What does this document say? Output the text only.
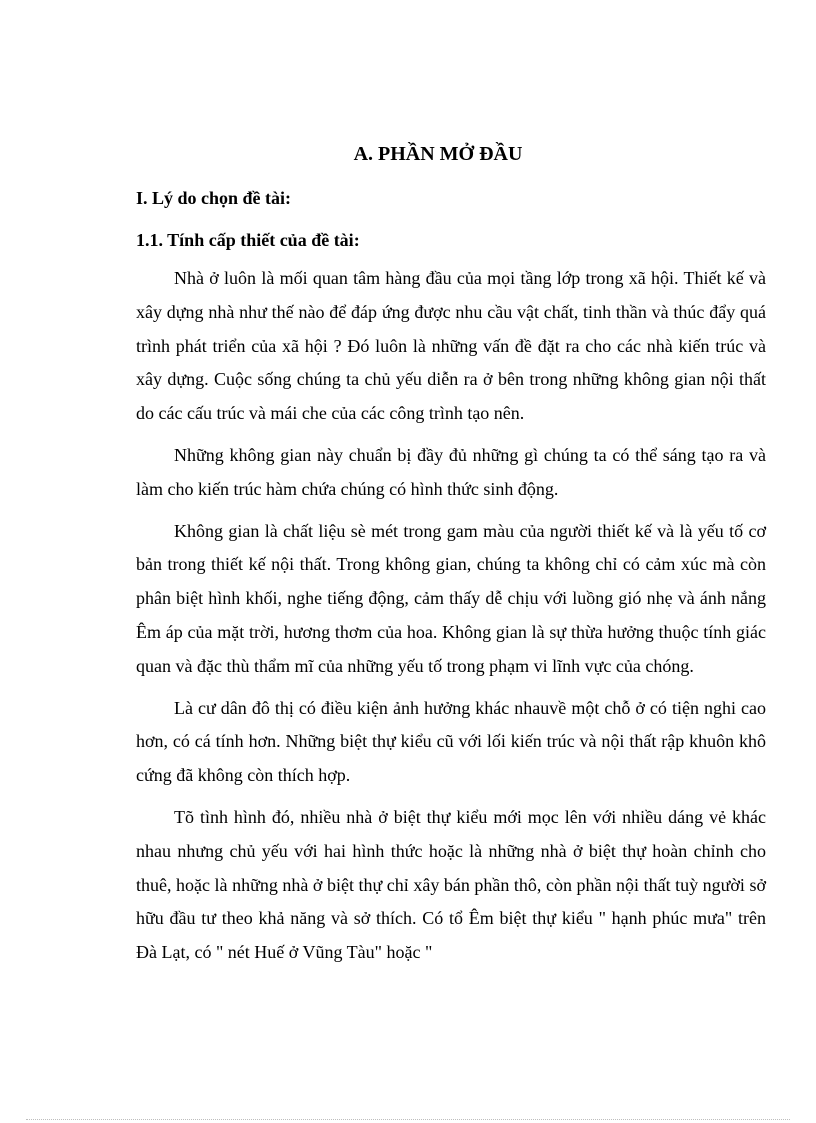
A. PHẦN MỞ ĐẦU
I. Lý do chọn đề tài:
1.1. Tính cấp thiết của đề tài:

Nhà ở luôn là mối quan tâm hàng đầu của mọi tầng lớp trong xã hội. Thiết kế và xây dựng nhà như thế nào để đáp ứng được nhu cầu vật chất, tinh thần và thúc đẩy quá trình phát triển của xã hội ? Đó luôn là những vấn đề đặt ra cho các nhà kiến trúc và xây dựng. Cuộc sống chúng ta chủ yếu diễn ra ở bên trong những không gian nội thất do các cấu trúc và mái che của các công trình tạo nên.

Những không gian này chuẩn bị đầy đủ những gì chúng ta có thể sáng tạo ra và làm cho kiến trúc hàm chứa chúng có hình thức sinh động.

Không gian là chất liệu sè mét trong gam màu của người thiết kế và là yếu tố cơ bản trong thiết kế nội thất. Trong không gian, chúng ta không chỉ có cảm xúc mà còn phân biệt hình khối, nghe tiếng động, cảm thấy dễ chịu với luồng gió nhẹ và ánh nắng Êm áp của mặt trời, hương thơm của hoa. Không gian là sự thừa hưởng thuộc tính giác quan và đặc thù thẩm mĩ của những yếu tố trong phạm vi lĩnh vực của chóng.

Là cư dân đô thị có điều kiện ảnh hưởng khác nhauvề một chỗ ở có tiện nghi cao hơn, có cá tính hơn. Những biệt thự kiểu cũ với lối kiến trúc và nội thất rập khuôn khô cứng đã không còn thích hợp.

Tõ tình hình đó, nhiều nhà ở biệt thự kiểu mới mọc lên với nhiều dáng vẻ khác nhau nhưng chủ yếu với hai hình thức hoặc là những nhà ở biệt thự hoàn chỉnh cho thuê, hoặc là những nhà ở biệt thự chỉ xây bán phần thô, còn phần nội thất tuỳ người sở hữu đầu tư theo khả năng và sở thích. Có tổ Êm biệt thự kiểu " hạnh phúc mưa" trên Đà Lạt, có " nét Huế ở Vũng Tàu" hoặc "
